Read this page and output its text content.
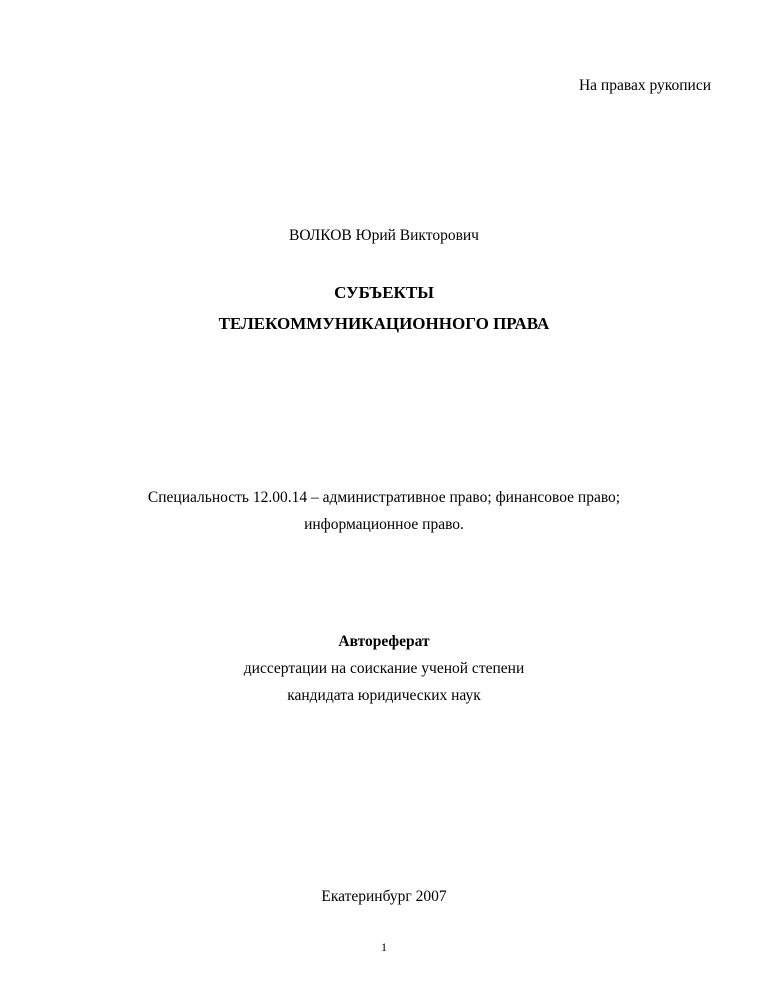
На правах рукописи
ВОЛКОВ Юрий Викторович
СУБЪЕКТЫ
ТЕЛЕКОММУНИКАЦИОННОГО ПРАВА
Специальность 12.00.14 – административное право; финансовое право;
информационное право.
Автореферат
диссертации на соискание ученой степени
кандидата юридических наук
Екатеринбург 2007
1
